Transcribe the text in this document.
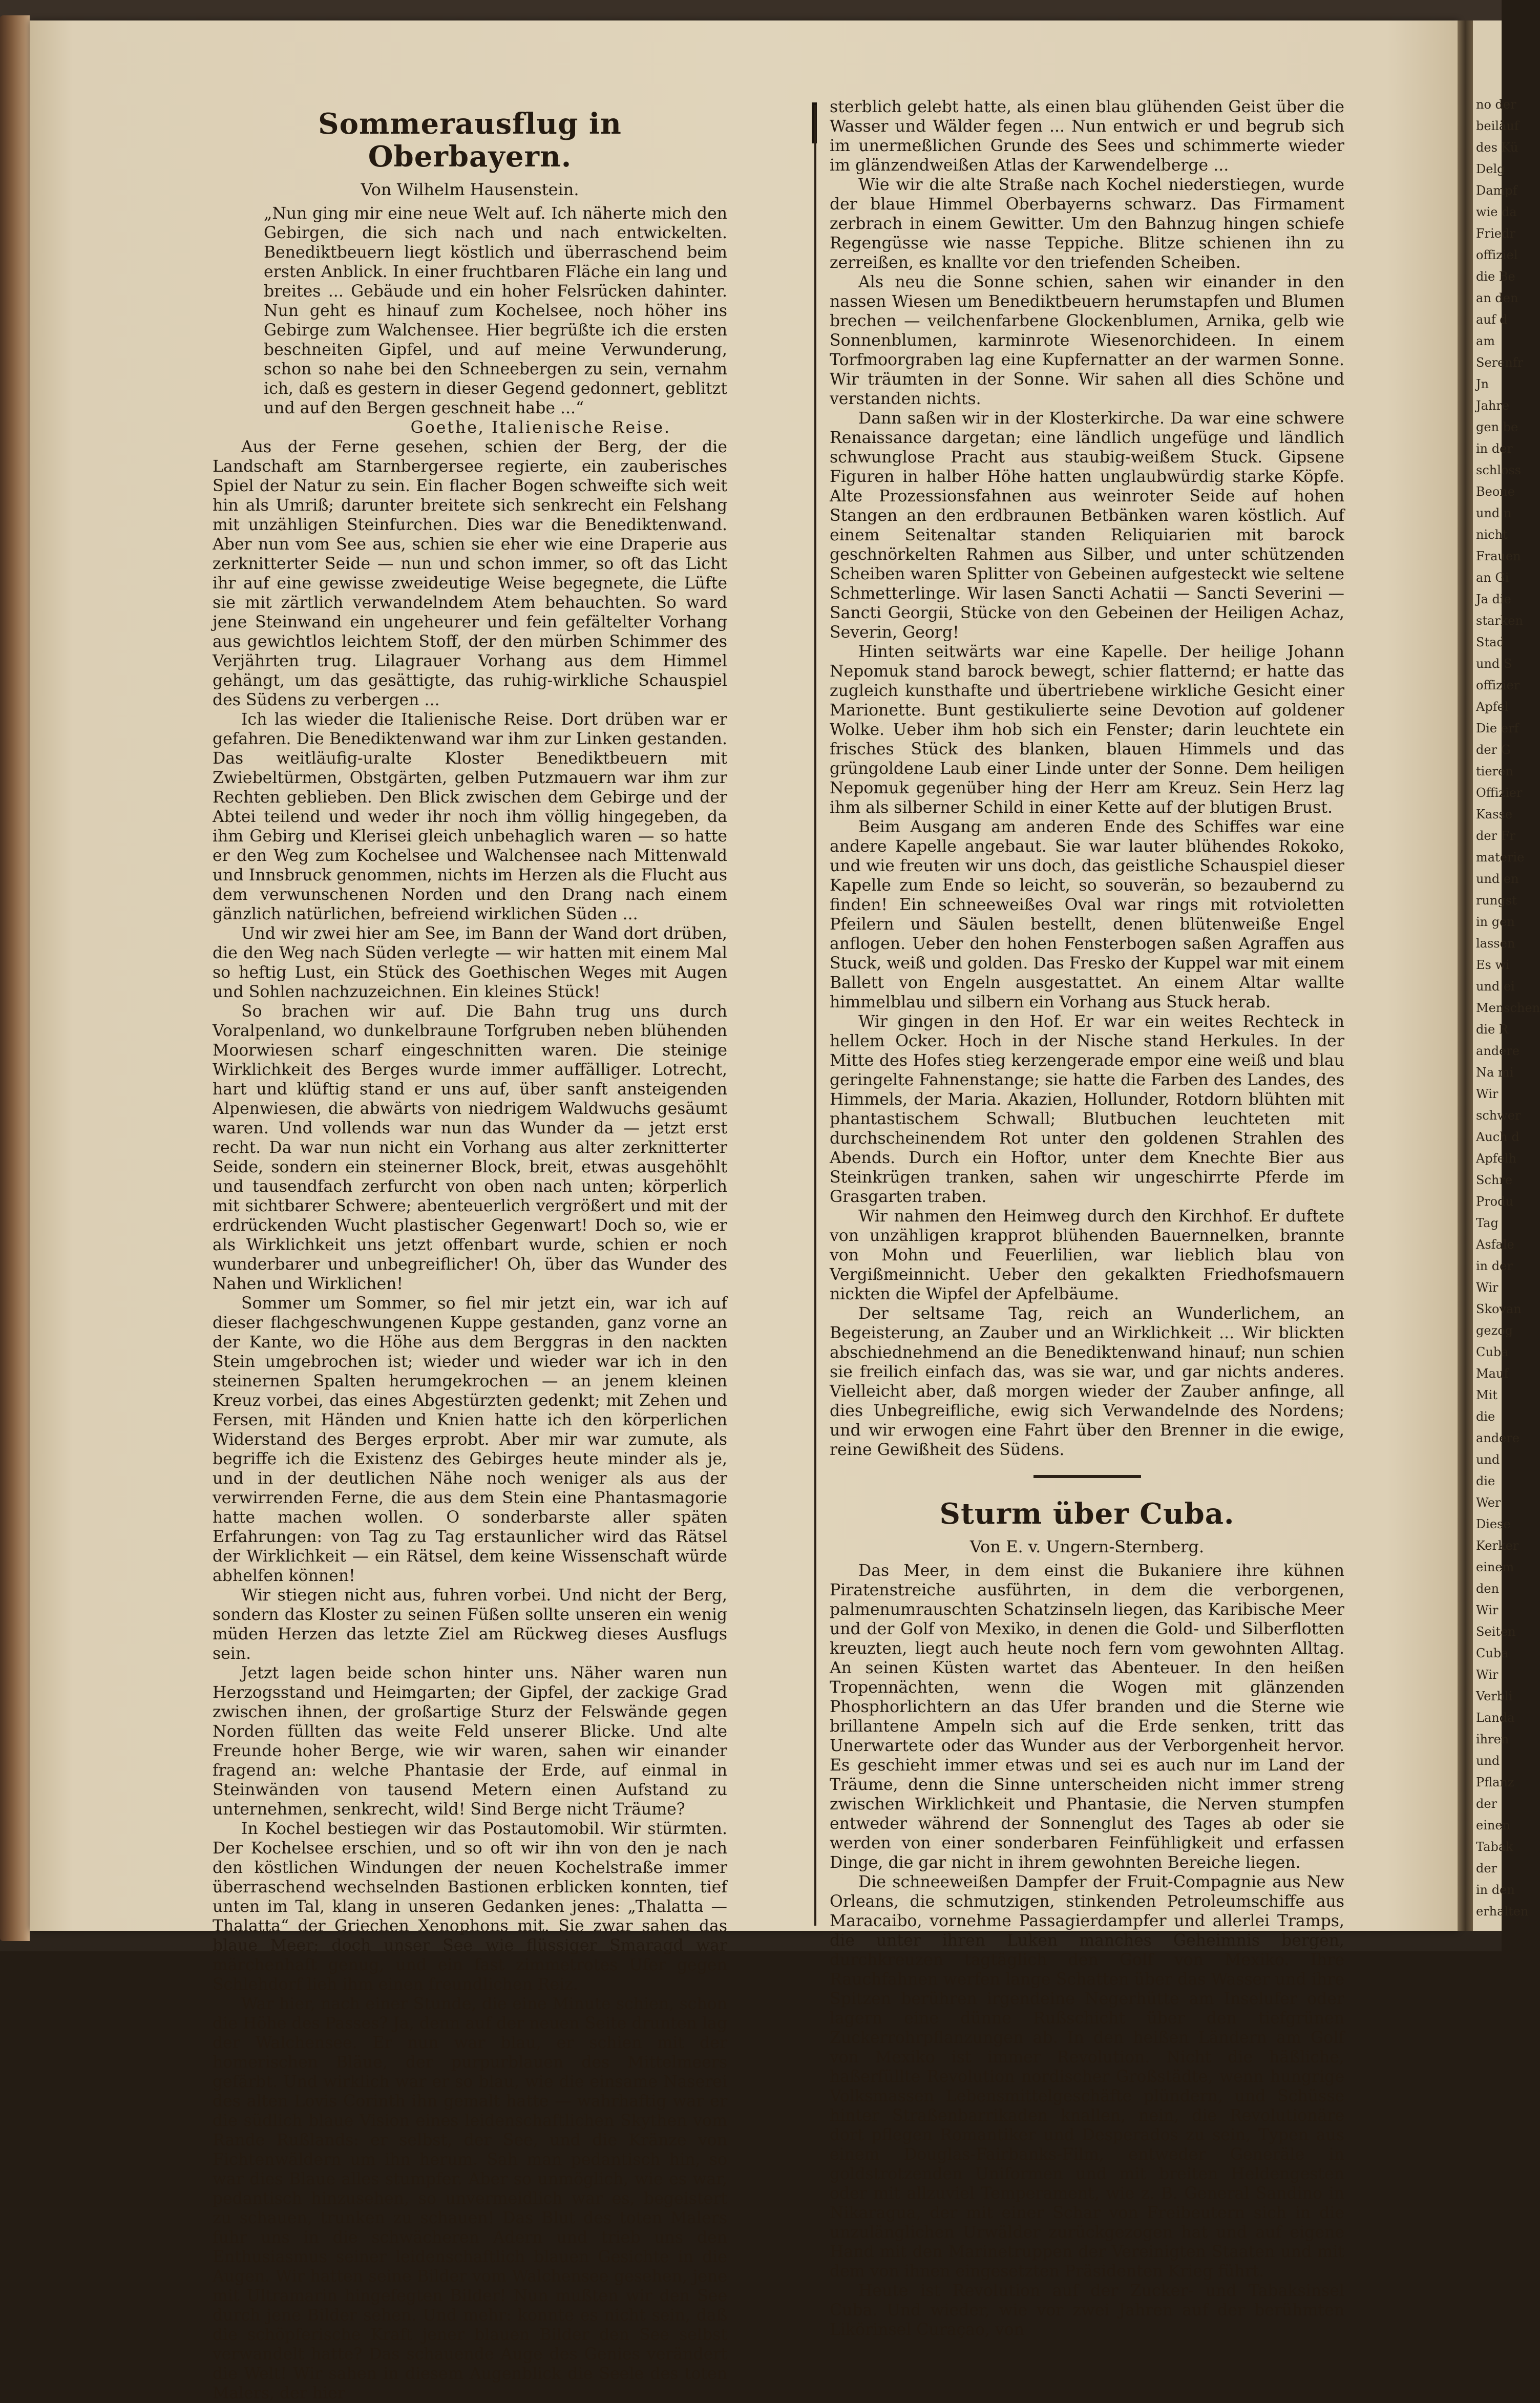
no der
beiläuf
des Kü
Delg
Dampf
wie da
Friedr
offiziel
die Be
an den
auf d
am
Serenfr
Jn
Jahre
gen be
in der
schloss
Beone
und n
nicht
Frauen
an Gi
Ja die
starken
Stad
und S
offizier
Apfel
Die erf
der G
tieren
Offizier
Kasse
der Fr
materie
und en
rungst
in gen
lassen
Es wi
und ei
Menschen
die R
andere
Na mi
Wir
schwer
Auch d
Apfelh
Schre
Produ
Tag
Asfale
in der
Wir
Skovan
gezog
Cuba
Mauf
Mit
die
andere
und
die
Wer
Diese
Kerker
einem
den
Wir
Seiten
Cuba
Wir
Verbli
Landa
ihren
und
Pflanz
der
einen
Tabak
der
in den
erhalten
Sommerausflug in Oberbayern.
Von Wilhelm Hausenstein.

„Nun ging mir eine neue Welt auf. Ich näherte mich den Gebirgen, die sich nach und nach entwickelten. Benediktbeuern liegt köstlich und überraschend beim ersten Anblick. In einer fruchtbaren Fläche ein lang und breites ... Gebäude und ein hoher Felsrücken dahinter. Nun geht es hinauf zum Kochelsee, noch höher ins Gebirge zum Walchensee. Hier begrüßte ich die ersten beschneiten Gipfel, und auf meine Verwunderung, schon so nahe bei den Schneebergen zu sein, vernahm ich, daß es gestern in dieser Gegend gedonnert, geblitzt und auf den Bergen geschneit habe ...“

Goethe, Italienische Reise.

Aus der Ferne gesehen, schien der Berg, der die Landschaft am Starnbergersee regierte, ein zauberisches Spiel der Natur zu sein. Ein flacher Bogen schweifte sich weit hin als Umriß; darunter breitete sich senkrecht ein Felshang mit unzähligen Steinfurchen. Dies war die Benediktenwand. Aber nun vom See aus, schien sie eher wie eine Draperie aus zerknitterter Seide — nun und schon immer, so oft das Licht ihr auf eine gewisse zweideutige Weise begegnete, die Lüfte sie mit zärtlich verwandelndem Atem behauchten. So ward jene Steinwand ein ungeheurer und fein gefältelter Vorhang aus gewichtlos leichtem Stoff, der den mürben Schimmer des Verjährten trug. Lilagrauer Vorhang aus dem Himmel gehängt, um das gesättigte, das ruhig-wirkliche Schauspiel des Südens zu verbergen ...

Ich las wieder die Italienische Reise. Dort drüben war er gefahren. Die Benediktenwand war ihm zur Linken gestanden. Das weitläufig-uralte Kloster Benediktbeuern mit Zwiebeltürmen, Obstgärten, gelben Putzmauern war ihm zur Rechten geblieben. Den Blick zwischen dem Gebirge und der Abtei teilend und weder ihr noch ihm völlig hingegeben, da ihm Gebirg und Klerisei gleich unbehaglich waren — so hatte er den Weg zum Kochelsee und Walchensee nach Mittenwald und Innsbruck genommen, nichts im Herzen als die Flucht aus dem verwunschenen Norden und den Drang nach einem gänzlich natürlichen, befreiend wirklichen Süden ...

Und wir zwei hier am See, im Bann der Wand dort drüben, die den Weg nach Süden verlegte — wir hatten mit einem Mal so heftig Lust, ein Stück des Goethischen Weges mit Augen und Sohlen nachzuzeichnen. Ein kleines Stück!

So brachen wir auf. Die Bahn trug uns durch Voralpenland, wo dunkelbraune Torfgruben neben blühenden Moorwiesen scharf eingeschnitten waren. Die steinige Wirklichkeit des Berges wurde immer auffälliger. Lotrecht, hart und klüftig stand er uns auf, über sanft ansteigenden Alpenwiesen, die abwärts von niedrigem Waldwuchs gesäumt waren. Und vollends war nun das Wunder da — jetzt erst recht. Da war nun nicht ein Vorhang aus alter zerknitterter Seide, sondern ein steinerner Block, breit, etwas ausgehöhlt und tausendfach zerfurcht von oben nach unten; körperlich mit sichtbarer Schwere; abenteuerlich vergrößert und mit der erdrückenden Wucht plastischer Gegenwart! Doch so, wie er als Wirklichkeit uns jetzt offenbart wurde, schien er noch wunderbarer und unbegreiflicher! Oh, über das Wunder des Nahen und Wirklichen!

Sommer um Sommer, so fiel mir jetzt ein, war ich auf dieser flachgeschwungenen Kuppe gestanden, ganz vorne an der Kante, wo die Höhe aus dem Berggras in den nackten Stein umgebrochen ist; wieder und wieder war ich in den steinernen Spalten herumgekrochen — an jenem kleinen Kreuz vorbei, das eines Abgestürzten gedenkt; mit Zehen und Fersen, mit Händen und Knien hatte ich den körperlichen Widerstand des Berges erprobt. Aber mir war zumute, als begriffe ich die Existenz des Gebirges heute minder als je, und in der deutlichen Nähe noch weniger als aus der verwirrenden Ferne, die aus dem Stein eine Phantasmagorie hatte machen wollen. O sonderbarste aller späten Erfahrungen: von Tag zu Tag erstaunlicher wird das Rätsel der Wirklichkeit — ein Rätsel, dem keine Wissenschaft würde abhelfen können!

Wir stiegen nicht aus, fuhren vorbei. Und nicht der Berg, sondern das Kloster zu seinen Füßen sollte unseren ein wenig müden Herzen das letzte Ziel am Rückweg dieses Ausflugs sein.

Jetzt lagen beide schon hinter uns. Näher waren nun Herzogsstand und Heimgarten; der Gipfel, der zackige Grad zwischen ihnen, der großartige Sturz der Felswände gegen Norden füllten das weite Feld unserer Blicke. Und alte Freunde hoher Berge, wie wir waren, sahen wir einander fragend an: welche Phantasie der Erde, auf einmal in Steinwänden von tausend Metern einen Aufstand zu unternehmen, senkrecht, wild! Sind Berge nicht Träume?

In Kochel bestiegen wir das Postautomobil. Wir stürmten. Der Kochelsee erschien, und so oft wir ihn von den je nach den köstlichen Windungen der neuen Kochelstraße immer überraschend wechselnden Bastionen erblicken konnten, tief unten im Tal, klang in unseren Gedanken jenes: „Thalatta — Thalatta“ der Griechen Xenophons mit. Sie zwar sahen das blaue Meer; doch unser See wie flüssiger Smaragd war märchenhaft genug, und ein fast zimmetrotes Ufer gegen Schlehdorf lieh ihm einen freundlichen Reiz.

War hier, nach einer Stunde, die eine Minute schien, schon die Höhe des Passes? Ja, denn auf der neuen Seite drunten lag der Walchensee. Er nun war blau, er schien mit der homerischen Bläue, der purpurblauen des Mittelmeers gefärbt. Und wirklich war er so blau, wie die einsame Naserei des alten Lovis Corinth ihn gemalt hatte — wahrhaftig war er die südlich blaue Vision eines leidenschaftlichen Skythen vom Rande Rußlands: er selbst, der See, und die Kränze von Fichtenwäldern um ihn herum. Sah man pedantisch hin, so war dies Blaue alles stumpfer. Aber so unmöglich, wie es war, pedantisch hinzusehen, so unvermeidlich war es, begeistert zu schauen, trunken zu schauen! Das Blut des toten Malers fuhr uns in die schwächeren Adern und trieb uns den Enthusiasmus seiner leidenschaftlich blauen Gesichte in die Augen. Wir hatten seine Bilder vom Walchensee gesehen, jene mit Ultramarin hingefegten Bilder! Nun mußten wir den See durch jene Bilder sehen. Und mehr: konnte es nicht sein, daß die schöpferische Kraft jener blauen Bilder den See selbst verwandelt hatte? Das schauende Auge des Genies verändert die Welt! Wir sahen in diesem Augenblick die Seele des toten Malers, der hier

sterblich gelebt hatte, als einen blau glühenden Geist über die Wasser und Wälder fegen ... Nun entwich er und begrub sich im unermeßlichen Grunde des Sees und schimmerte wieder im glänzendweißen Atlas der Karwendelberge ...

Wie wir die alte Straße nach Kochel niederstiegen, wurde der blaue Himmel Oberbayerns schwarz. Das Firmament zerbrach in einem Gewitter. Um den Bahnzug hingen schiefe Regengüsse wie nasse Teppiche. Blitze schienen ihn zu zerreißen, es knallte vor den triefenden Scheiben.

Als neu die Sonne schien, sahen wir einander in den nassen Wiesen um Benediktbeuern herumstapfen und Blumen brechen — veilchenfarbene Glockenblumen, Arnika, gelb wie Sonnenblumen, karminrote Wiesenorchideen. In einem Torfmoorgraben lag eine Kupfernatter an der warmen Sonne. Wir träumten in der Sonne. Wir sahen all dies Schöne und verstanden nichts.

Dann saßen wir in der Klosterkirche. Da war eine schwere Renaissance dargetan; eine ländlich ungefüge und ländlich schwunglose Pracht aus staubig-weißem Stuck. Gipsene Figuren in halber Höhe hatten unglaubwürdig starke Köpfe. Alte Prozessionsfahnen aus weinroter Seide auf hohen Stangen an den erdbraunen Betbänken waren köstlich. Auf einem Seitenaltar standen Reliquiarien mit barock geschnörkelten Rahmen aus Silber, und unter schützenden Scheiben waren Splitter von Gebeinen aufgesteckt wie seltene Schmetterlinge. Wir lasen Sancti Achatii — Sancti Severini — Sancti Georgii, Stücke von den Gebeinen der Heiligen Achaz, Severin, Georg!

Hinten seitwärts war eine Kapelle. Der heilige Johann Nepomuk stand barock bewegt, schier flatternd; er hatte das zugleich kunsthafte und übertriebene wirkliche Gesicht einer Marionette. Bunt gestikulierte seine Devotion auf goldener Wolke. Ueber ihm hob sich ein Fenster; darin leuchtete ein frisches Stück des blanken, blauen Himmels und das grüngoldene Laub einer Linde unter der Sonne. Dem heiligen Nepomuk gegenüber hing der Herr am Kreuz. Sein Herz lag ihm als silberner Schild in einer Kette auf der blutigen Brust.

Beim Ausgang am anderen Ende des Schiffes war eine andere Kapelle angebaut. Sie war lauter blühendes Rokoko, und wie freuten wir uns doch, das geistliche Schauspiel dieser Kapelle zum Ende so leicht, so souverän, so bezaubernd zu finden! Ein schneeweißes Oval war rings mit rotvioletten Pfeilern und Säulen bestellt, denen blütenweiße Engel anflogen. Ueber den hohen Fensterbogen saßen Agraffen aus Stuck, weiß und golden. Das Fresko der Kuppel war mit einem Ballett von Engeln ausgestattet. An einem Altar wallte himmelblau und silbern ein Vorhang aus Stuck herab.

Wir gingen in den Hof. Er war ein weites Rechteck in hellem Ocker. Hoch in der Nische stand Herkules. In der Mitte des Hofes stieg kerzengerade empor eine weiß und blau geringelte Fahnenstange; sie hatte die Farben des Landes, des Himmels, der Maria. Akazien, Hollunder, Rotdorn blühten mit phantastischem Schwall; Blutbuchen leuchteten mit durchscheinendem Rot unter den goldenen Strahlen des Abends. Durch ein Hoftor, unter dem Knechte Bier aus Steinkrügen tranken, sahen wir ungeschirrte Pferde im Grasgarten traben.

Wir nahmen den Heimweg durch den Kirchhof. Er duftete von unzähligen krapprot blühenden Bauernnelken, brannte von Mohn und Feuerlilien, war lieblich blau von Vergißmeinnicht. Ueber den gekalkten Friedhofsmauern nickten die Wipfel der Apfelbäume.

Der seltsame Tag, reich an Wunderlichem, an Begeisterung, an Zauber und an Wirklichkeit ... Wir blickten abschiednehmend an die Benediktenwand hinauf; nun schien sie freilich einfach das, was sie war, und gar nichts anderes. Vielleicht aber, daß morgen wieder der Zauber anfinge, all dies Unbegreifliche, ewig sich Verwandelnde des Nordens; und wir erwogen eine Fahrt über den Brenner in die ewige, reine Gewißheit des Südens.

Sturm über Cuba.
Von E. v. Ungern-Sternberg.

Das Meer, in dem einst die Bukaniere ihre kühnen Piratenstreiche ausführten, in dem die verborgenen, palmenumrauschten Schatzinseln liegen, das Karibische Meer und der Golf von Mexiko, in denen die Gold- und Silberflotten kreuzten, liegt auch heute noch fern vom gewohnten Alltag. An seinen Küsten wartet das Abenteuer. In den heißen Tropennächten, wenn die Wogen mit glänzenden Phosphorlichtern an das Ufer branden und die Sterne wie brillantene Ampeln sich auf die Erde senken, tritt das Unerwartete oder das Wunder aus der Verborgenheit hervor. Es geschieht immer etwas und sei es auch nur im Land der Träume, denn die Sinne unterscheiden nicht immer streng zwischen Wirklichkeit und Phantasie, die Nerven stumpfen entweder während der Sonnenglut des Tages ab oder sie werden von einer sonderbaren Feinfühligkeit und erfassen Dinge, die gar nicht in ihrem gewohnten Bereiche liegen.

Die schneeweißen Dampfer der Fruit-Compagnie aus New Orleans, die schmutzigen, stinkenden Petroleumschiffe aus Maracaibo, vornehme Passagierdampfer und allerlei Tramps, die unter ihren Luken manches Geheimnis bergen, durchkreuzen tagtäglich den Golf von Mexiko. Ihre Rauchfahnen werfen lange Schatten über das Wasser und ihre Spitzen berühren irgendeine Negerhütte am Inselufer oder lagern eine dünne Rußschicht über den tiefgrünen Zuckerrohrpflanzungen ab. In den heißen Ländern am Golf von Mexiko ist immer Revolution. Nicht die häßliche, haßerfüllte Revolution nordischer Großstädte, wenn hungrige Volksmassen Lebensmittelgeschäfte plündern, und Schüsse hinter Straßenbarrikaden knallen, nein, die Revolutionäre dort pflegen Romantiker und Desperados zu sein, Typen aus einem Douglas-Fairbanks-Film, entweder Generäle in goldstrotzenden Uniformen und mit breiten Heldengesten oder mit allzuviel Temperament, wie z. B. General Sandino in Nikaragua, der mit einer Schar von Freibeutern sich in die unzulänglichen Urwälder zurückgezogen hat und auf eigene Hand mit den Marinetruppen der Vereinigten Staaten und mit dem von ihnen eingesetzten Präsidenten Krieg führt.

Heute ist Revolution auf der Zucker- und Tabaksinsel Cuba. Und wieder, wie vor zwei Jahren auf der berühmten Likörinsel Curaçao, von
